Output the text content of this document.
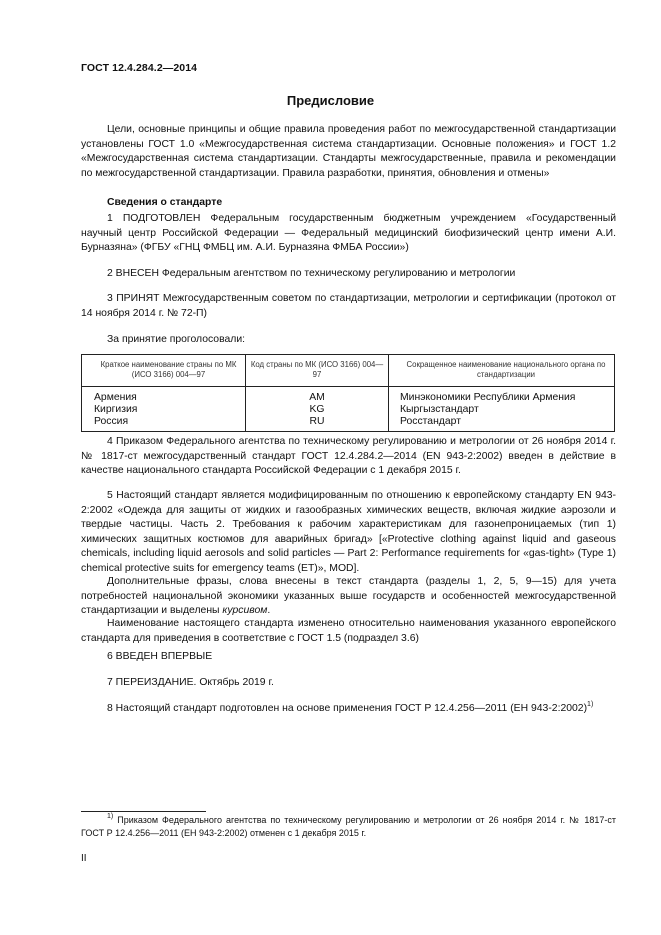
ГОСТ 12.4.284.2—2014
Предисловие

Цели, основные принципы и общие правила проведения работ по межгосударственной стандартизации установлены ГОСТ 1.0 «Межгосударственная система стандартизации. Основные положения» и ГОСТ 1.2 «Межгосударственная система стандартизации. Стандарты межгосударственные, правила и рекомендации по межгосударственной стандартизации. Правила разработки, принятия, обновления и отмены»

Сведения о стандарте

1 ПОДГОТОВЛЕН Федеральным государственным бюджетным учреждением «Государственный научный центр Российской Федерации — Федеральный медицинский биофизический центр имени А.И. Бурназяна» (ФГБУ «ГНЦ ФМБЦ им. А.И. Бурназяна ФМБА России»)

2 ВНЕСЕН Федеральным агентством по техническому регулированию и метрологии

3 ПРИНЯТ Межгосударственным советом по стандартизации, метрологии и сертификации (протокол от 14 ноября 2014 г. № 72-П)

За принятие проголосовали:

Краткое наименование страны по МК (ИСО 3166) 004—97	Код страны по МК (ИСО 3166) 004—97	Сокращенное наименование национального органа по стандартизации
Армения	AM	Минэкономики Республики Армения
Киргизия	KG	Кыргызстандарт
Россия	RU	Росстандарт

4 Приказом Федерального агентства по техническому регулированию и метрологии от 26 ноября 2014 г. № 1817-ст межгосударственный стандарт ГОСТ 12.4.284.2—2014 (EN 943-2:2002) введен в действие в качестве национального стандарта Российской Федерации с 1 декабря 2015 г.

5 Настоящий стандарт является модифицированным по отношению к европейскому стандарту EN 943-2:2002 «Одежда для защиты от жидких и газообразных химических веществ, включая жидкие аэрозоли и твердые частицы. Часть 2. Требования к рабочим характеристикам для газонепроницаемых (тип 1) химических защитных костюмов для аварийных бригад» [«Protective clothing against liquid and gaseous chemicals, including liquid aerosols and solid particles — Part 2: Performance requirements for «gas-tight» (Type 1) chemical protective suits for emergency teams (ET)», MOD].

Дополнительные фразы, слова внесены в текст стандарта (разделы 1, 2, 5, 9—15) для учета потребностей национальной экономики указанных выше государств и особенностей межгосударственной стандартизации и выделены курсивом.

Наименование настоящего стандарта изменено относительно наименования указанного европейского стандарта для приведения в соответствие с ГОСТ 1.5 (подраздел 3.6)

6 ВВЕДЕН ВПЕРВЫЕ

7 ПЕРЕИЗДАНИЕ. Октябрь 2019 г.

8 Настоящий стандарт подготовлен на основе применения ГОСТ Р 12.4.256—2011 (ЕН 943-2:2002)$^{1)}$

$^{1)}$ Приказом Федерального агентства по техническому регулированию и метрологии от 26 ноября 2014 г. № 1817-ст ГОСТ Р 12.4.256—2011 (ЕН 943-2:2002) отменен с 1 декабря 2015 г.

II
